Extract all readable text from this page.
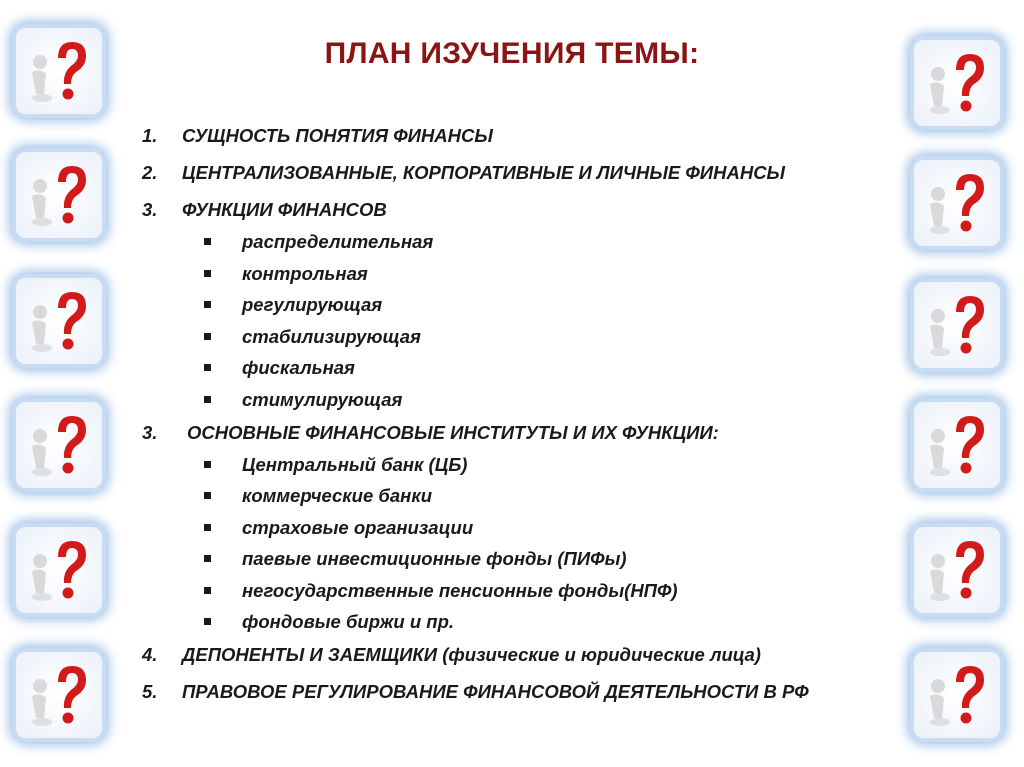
ПЛАН ИЗУЧЕНИЯ ТЕМЫ:
1. СУЩНОСТЬ ПОНЯТИЯ ФИНАНСЫ
2. ЦЕНТРАЛИЗОВАННЫЕ, КОРПОРАТИВНЫЕ И ЛИЧНЫЕ ФИНАНСЫ
3. ФУНКЦИИ ФИНАНСОВ
распределительная
контрольная
регулирующая
стабилизирующая
фискальная
стимулирующая
3. ОСНОВНЫЕ ФИНАНСОВЫЕ ИНСТИТУТЫ И ИХ ФУНКЦИИ:
Центральный банк (ЦБ)
коммерческие банки
страховые организации
паевые инвестиционные фонды (ПИФы)
негосударственные пенсионные фонды(НПФ)
фондовые биржи и пр.
4. ДЕПОНЕНТЫ И ЗАЕМЩИКИ (физические и юридические лица)
5. ПРАВОВОЕ РЕГУЛИРОВАНИЕ ФИНАНСОВОЙ ДЕЯТЕЛЬНОСТИ В РФ
